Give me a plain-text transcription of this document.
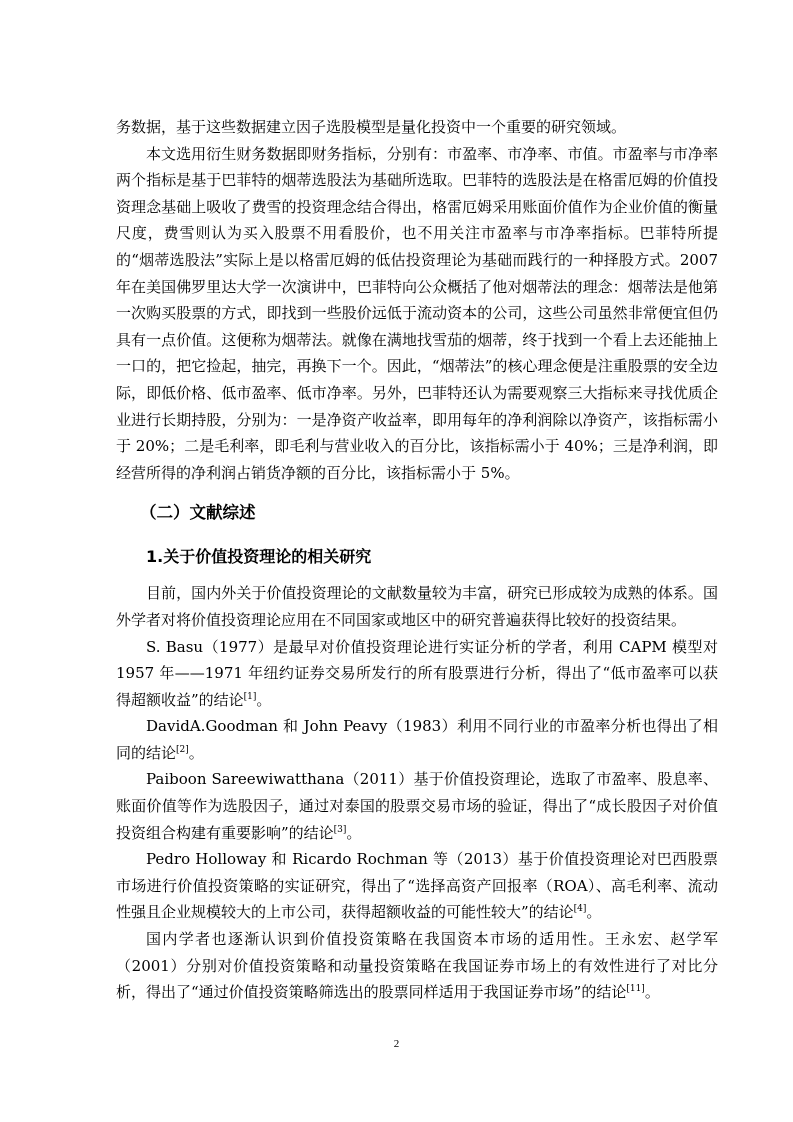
务数据，基于这些数据建立因子选股模型是量化投资中一个重要的研究领域。

本文选用衍生财务数据即财务指标，分别有：市盈率、市净率、市值。市盈率与市净率两个指标是基于巴菲特的烟蒂选股法为基础所选取。巴菲特的选股法是在格雷厄姆的价值投资理念基础上吸收了费雪的投资理念结合得出，格雷厄姆采用账面价值作为企业价值的衡量尺度，费雪则认为买入股票不用看股价，也不用关注市盈率与市净率指标。巴菲特所提的“烟蒂选股法”实际上是以格雷厄姆的低估投资理论为基础而践行的一种择股方式。2007年在美国佛罗里达大学一次演讲中，巴菲特向公众概括了他对烟蒂法的理念：烟蒂法是他第一次购买股票的方式，即找到一些股价远低于流动资本的公司，这些公司虽然非常便宜但仍具有一点价值。这便称为烟蒂法。就像在满地找雪茄的烟蒂，终于找到一个看上去还能抽上一口的，把它捡起，抽完，再换下一个。因此，“烟蒂法”的核心理念便是注重股票的安全边际，即低价格、低市盈率、低市净率。另外，巴菲特还认为需要观察三大指标来寻找优质企业进行长期持股，分别为：一是净资产收益率，即用每年的净利润除以净资产，该指标需小于 20%；二是毛利率，即毛利与营业收入的百分比，该指标需小于 40%；三是净利润，即经营所得的净利润占销货净额的百分比，该指标需小于 5%。

（二）文献综述
1.关于价值投资理论的相关研究

目前，国内外关于价值投资理论的文献数量较为丰富，研究已形成较为成熟的体系。国外学者对将价值投资理论应用在不同国家或地区中的研究普遍获得比较好的投资结果。

S. Basu（1977）是最早对价值投资理论进行实证分析的学者，利用 CAPM 模型对 1957 年——1971 年纽约证券交易所发行的所有股票进行分析，得出了“低市盈率可以获得超额收益”的结论[1]。

DavidA.Goodman 和 John Peavy（1983）利用不同行业的市盈率分析也得出了相同的结论[2]。

Paiboon Sareewiwatthana（2011）基于价值投资理论，选取了市盈率、股息率、账面价值等作为选股因子，通过对泰国的股票交易市场的验证，得出了“成长股因子对价值投资组合构建有重要影响”的结论[3]。

Pedro Holloway 和 Ricardo Rochman 等（2013）基于价值投资理论对巴西股票市场进行价值投资策略的实证研究，得出了“选择高资产回报率（ROA）、高毛利率、流动性强且企业规模较大的上市公司，获得超额收益的可能性较大”的结论[4]。

国内学者也逐渐认识到价值投资策略在我国资本市场的适用性。王永宏、赵学军（2001）分别对价值投资策略和动量投资策略在我国证券市场上的有效性进行了对比分析，得出了“通过价值投资策略筛选出的股票同样适用于我国证券市场”的结论[11]。

2
